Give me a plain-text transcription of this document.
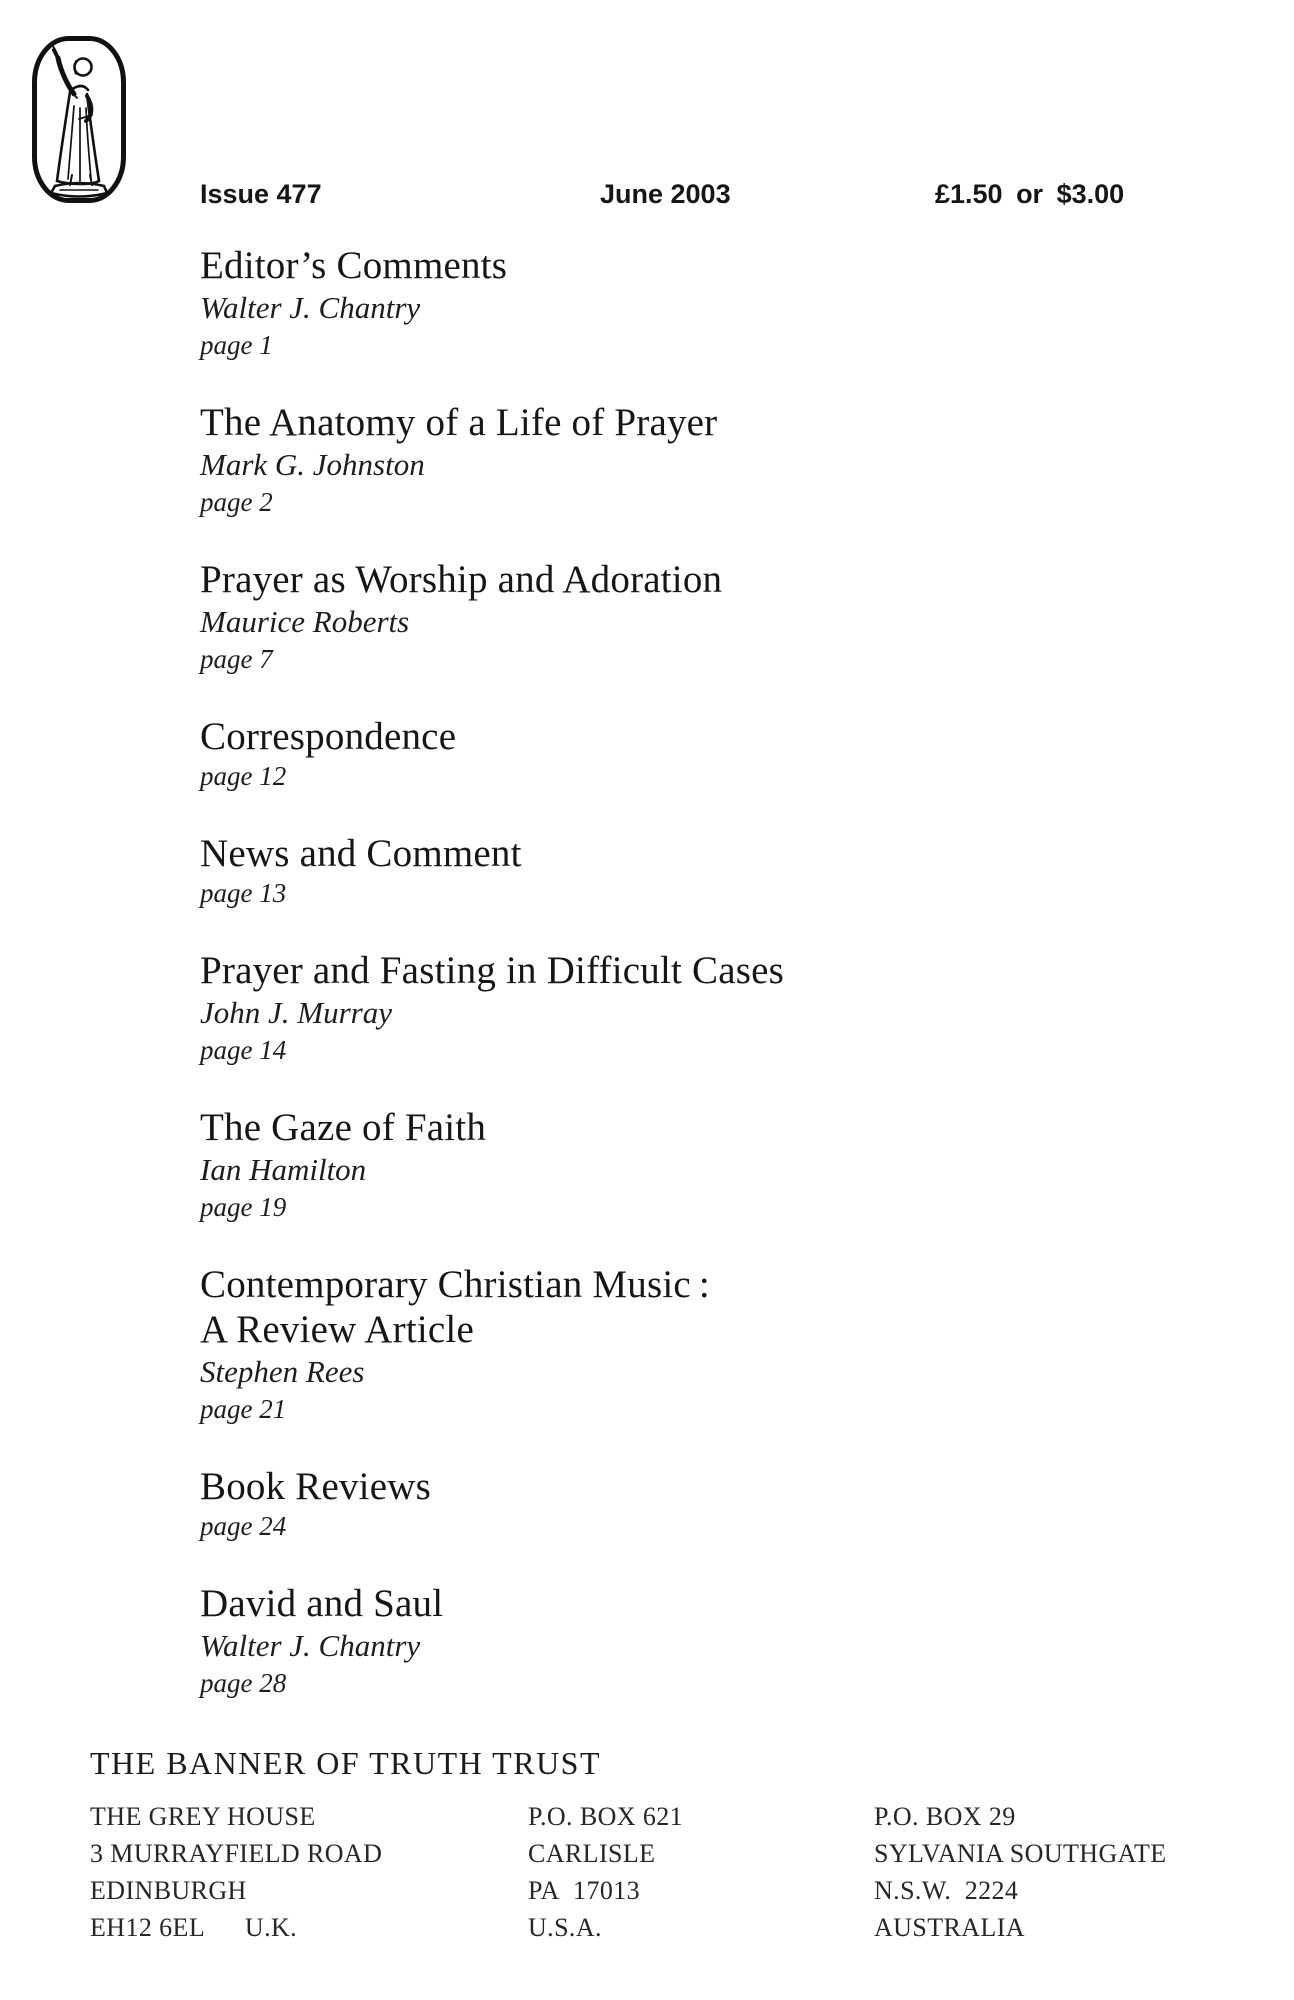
Issue 477	June 2003	£1.50 or $3.00
Editor’s Comments
Walter J. Chantry
page 1
The Anatomy of a Life of Prayer
Mark G. Johnston
page 2
Prayer as Worship and Adoration
Maurice Roberts
page 7
Correspondence
page 12
News and Comment
page 13
Prayer and Fasting in Difficult Cases
John J. Murray
page 14
The Gaze of Faith
Ian Hamilton
page 19
Contemporary Christian Music :
A Review Article
Stephen Rees
page 21
Book Reviews
page 24
David and Saul
Walter J. Chantry
page 28
THE BANNER OF TRUTH TRUST
THE GREY HOUSE
3 MURRAYFIELD ROAD
EDINBURGH
EH12 6EL  U.K.
P.O. BOX 621
CARLISLE
PA 17013
U.S.A.
P.O. BOX 29
SYLVANIA SOUTHGATE
N.S.W. 2224
AUSTRALIA
